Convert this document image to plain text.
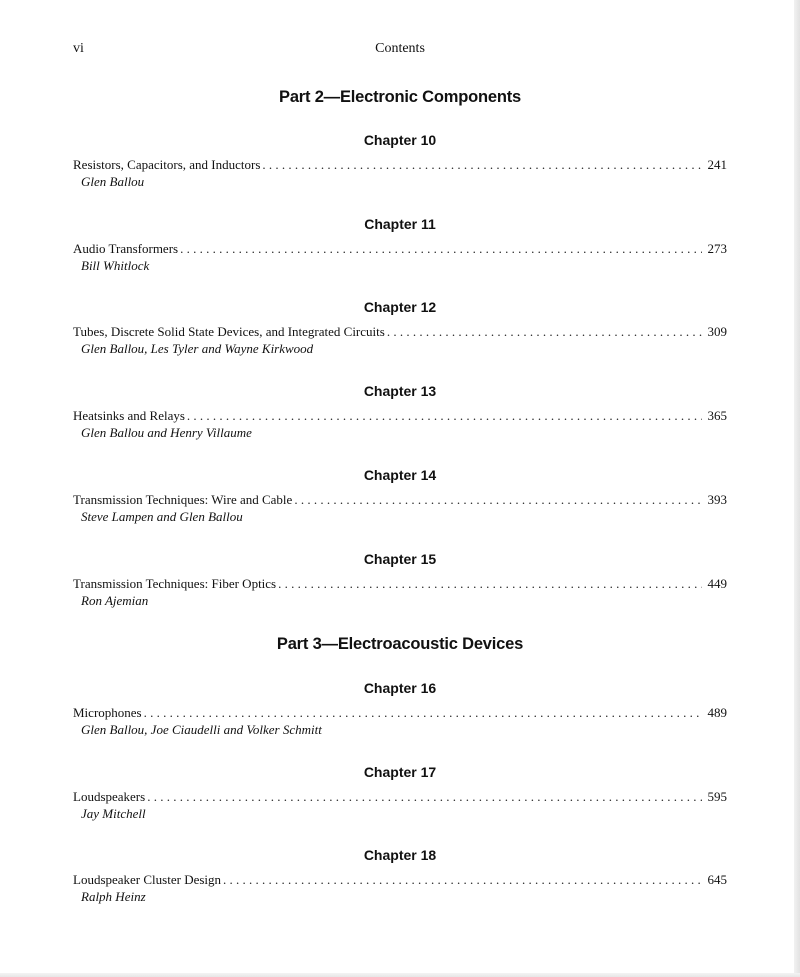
vi	Contents
Part 2—Electronic Components
Chapter 10
Resistors, Capacitors, and Inductors . . .	241
Glen Ballou
Chapter 11
Audio Transformers . . .	273
Bill Whitlock
Chapter 12
Tubes, Discrete Solid State Devices, and Integrated Circuits . . .	309
Glen Ballou, Les Tyler and Wayne Kirkwood
Chapter 13
Heatsinks and Relays . . .	365
Glen Ballou and Henry Villaume
Chapter 14
Transmission Techniques: Wire and Cable . . .	393
Steve Lampen and Glen Ballou
Chapter 15
Transmission Techniques: Fiber Optics . . .	449
Ron Ajemian
Part 3—Electroacoustic Devices
Chapter 16
Microphones . . .	489
Glen Ballou, Joe Ciaudelli and Volker Schmitt
Chapter 17
Loudspeakers . . .	595
Jay Mitchell
Chapter 18
Loudspeaker Cluster Design . . .	645
Ralph Heinz
